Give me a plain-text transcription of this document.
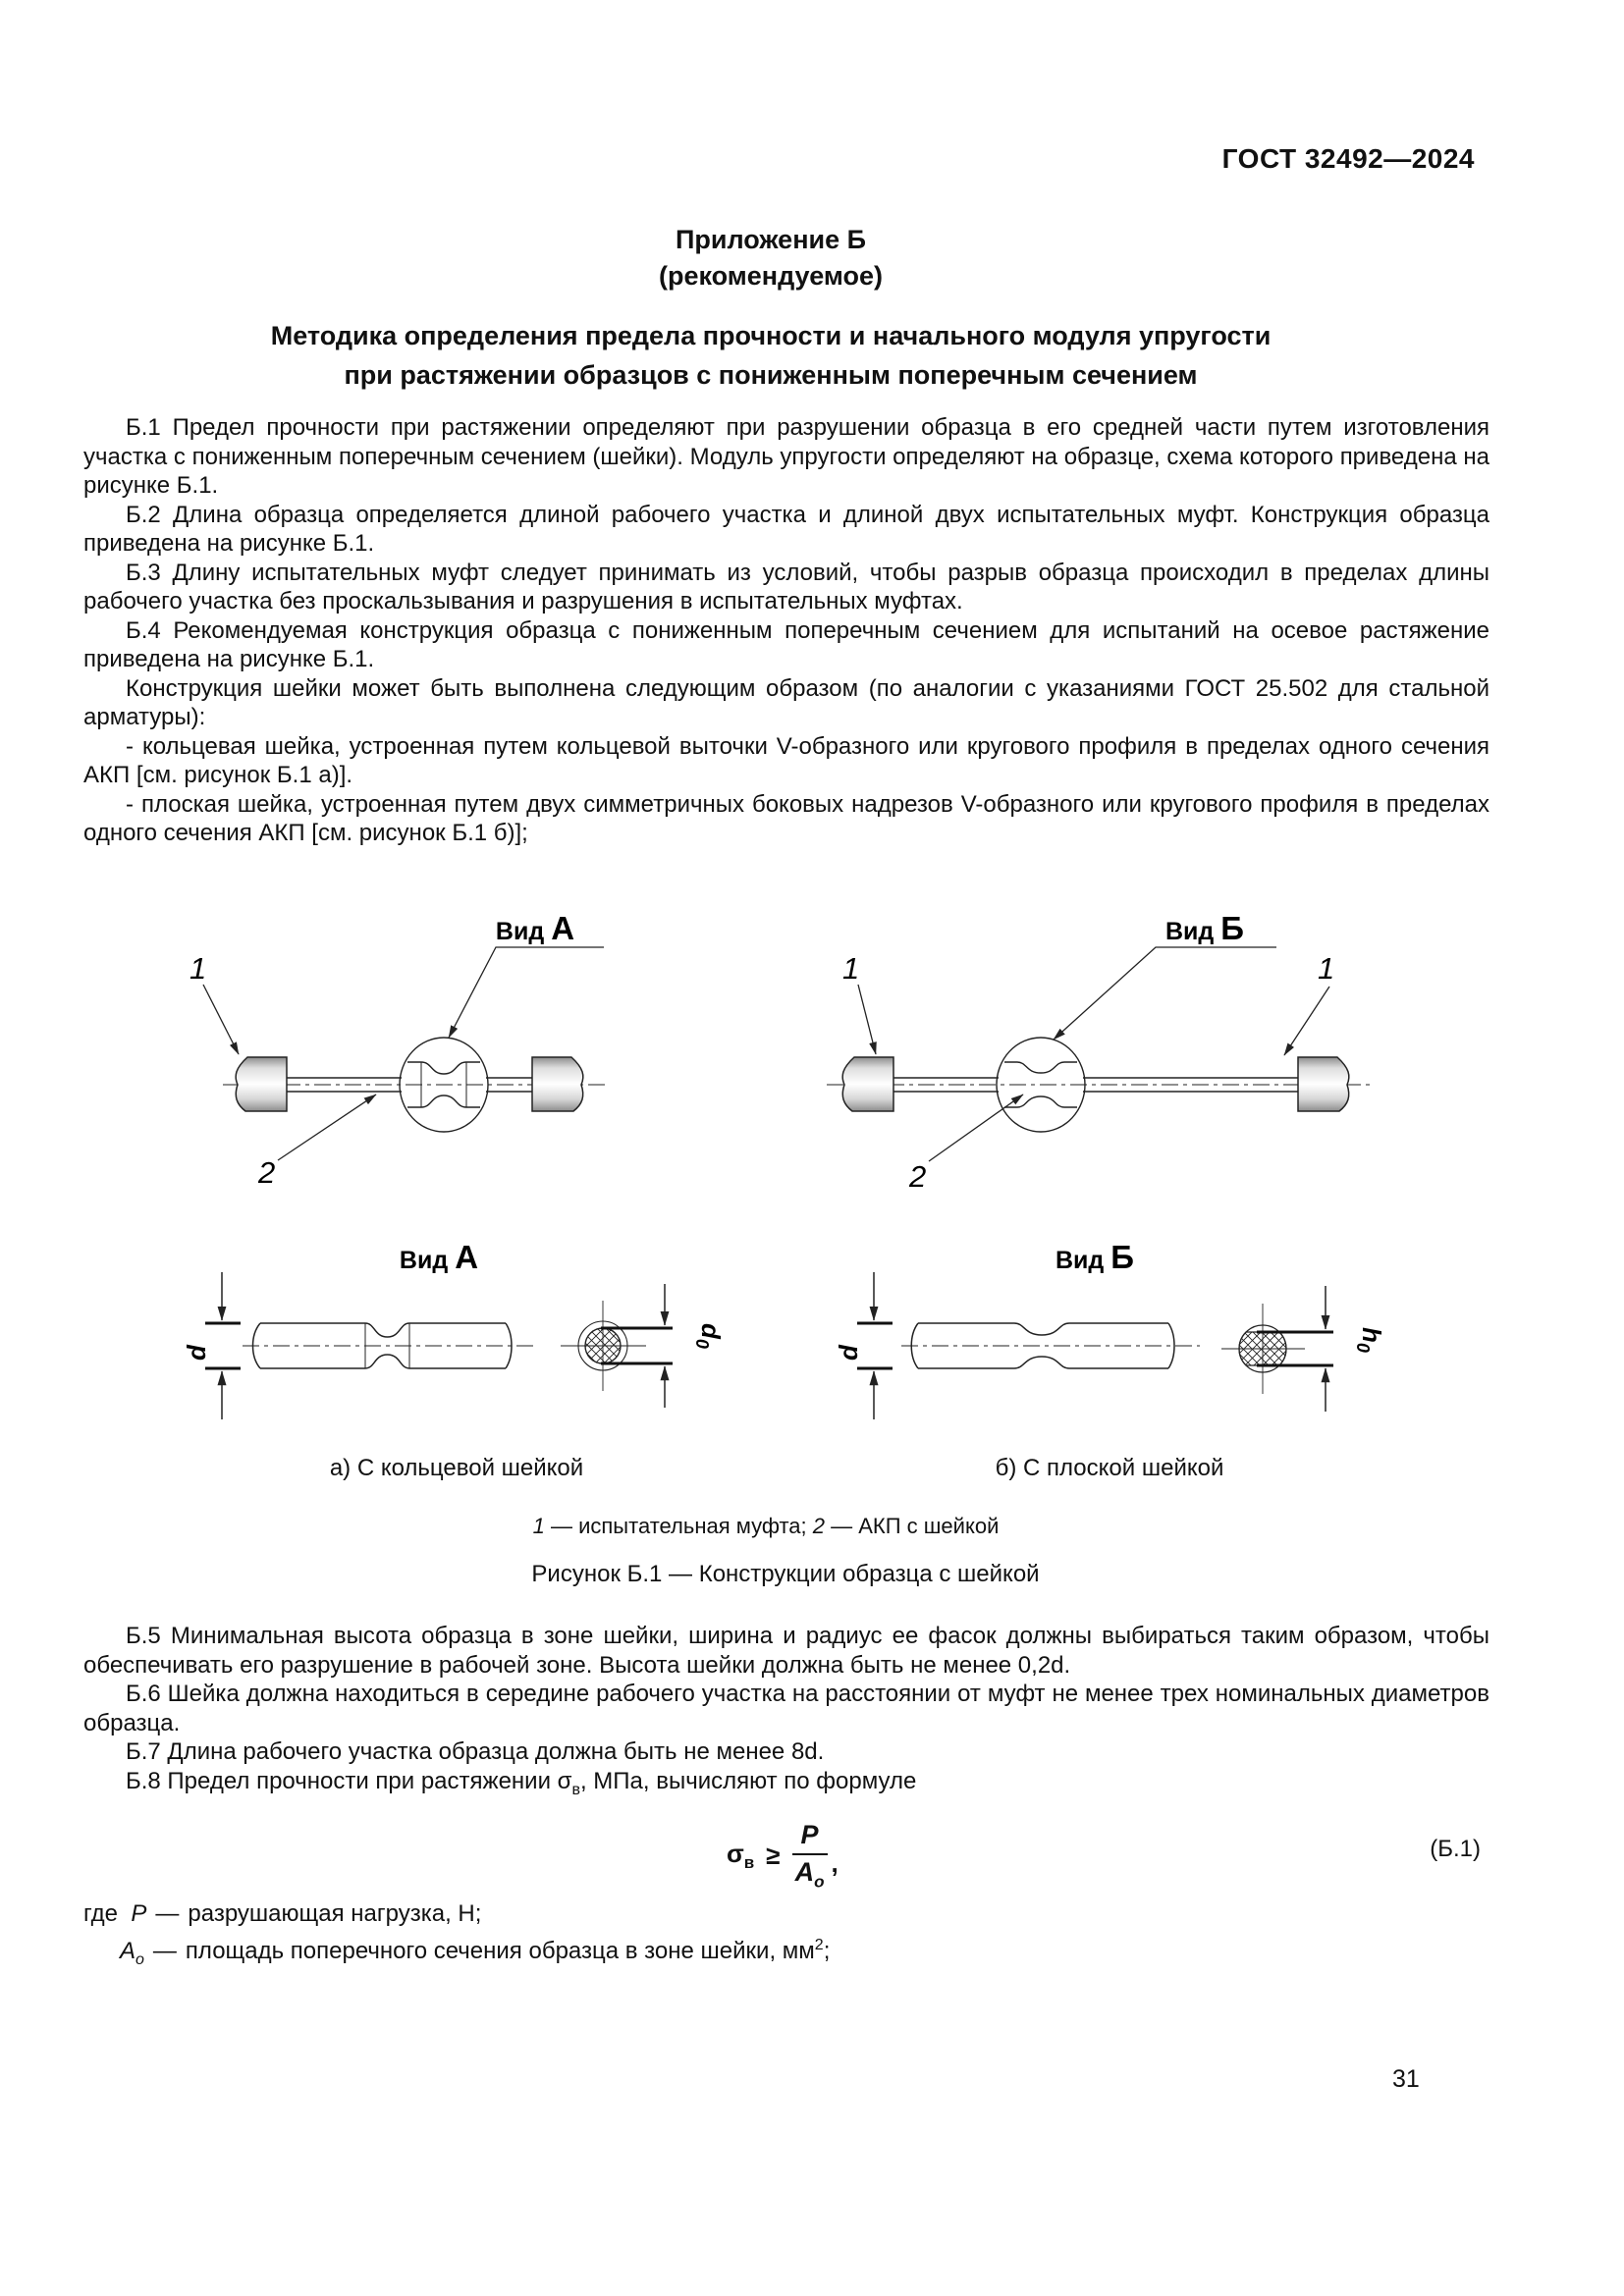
ГОСТ 32492—2024
Приложение Б
(рекомендуемое)
Методика определения предела прочности и начального модуля упругости
при растяжении образцов с пониженным поперечным сечением

Б.1 Предел прочности при растяжении определяют при разрушении образца в его средней части путем изготовления участка с пониженным поперечным сечением (шейки). Модуль упругости определяют на образце, схема которого приведена на рисунке Б.1.

Б.2 Длина образца определяется длиной рабочего участка и длиной двух испытательных муфт. Конструкция образца приведена на рисунке Б.1.

Б.3 Длину испытательных муфт следует принимать из условий, чтобы разрыв образца происходил в пределах длины рабочего участка без проскальзывания и разрушения в испытательных муфтах.

Б.4 Рекомендуемая конструкция образца с пониженным поперечным сечением для испытаний на осевое растяжение приведена на рисунке Б.1.

Конструкция шейки может быть выполнена следующим образом (по аналогии с указаниями ГОСТ 25.502 для стальной арматуры):

- кольцевая шейка, устроенная путем кольцевой выточки V-образного или кругового профиля в пределах одного сечения АКП [см. рисунок Б.1 а)].

- плоская шейка, устроенная путем двух симметричных боковых надрезов V-образного или кругового профиля в пределах одного сечения АКП [см. рисунок Б.1 б)];

Вид А
1
2
Вид Б
1	1
2
Вид А
d
$d_0$
Вид Б
d
$h_0$
а) С кольцевой шейкой	б) С плоской шейкой
1 — испытательная муфта; 2 — АКП с шейкой
Рисунок Б.1 — Конструкции образца с шейкой

Б.5 Минимальная высота образца в зоне шейки, ширина и радиус ее фасок должны выбираться таким образом, чтобы обеспечивать его разрушение в рабочей зоне. Высота шейки должна быть не менее 0,2d.

Б.6 Шейка должна находиться в середине рабочего участка на расстоянии от муфт не менее трех номинальных диаметров образца.

Б.7 Длина рабочего участка образца должна быть не менее 8d.

Б.8 Предел прочности при растяжении $\sigma_в$, МПа, вычисляют по формуле

$\sigma_в \ge \frac{P}{A_o}$ ,	(Б.1)
где P — разрушающая нагрузка, Н;
$A_о$ — площадь поперечного сечения образца в зоне шейки, $мм^2$;
31
